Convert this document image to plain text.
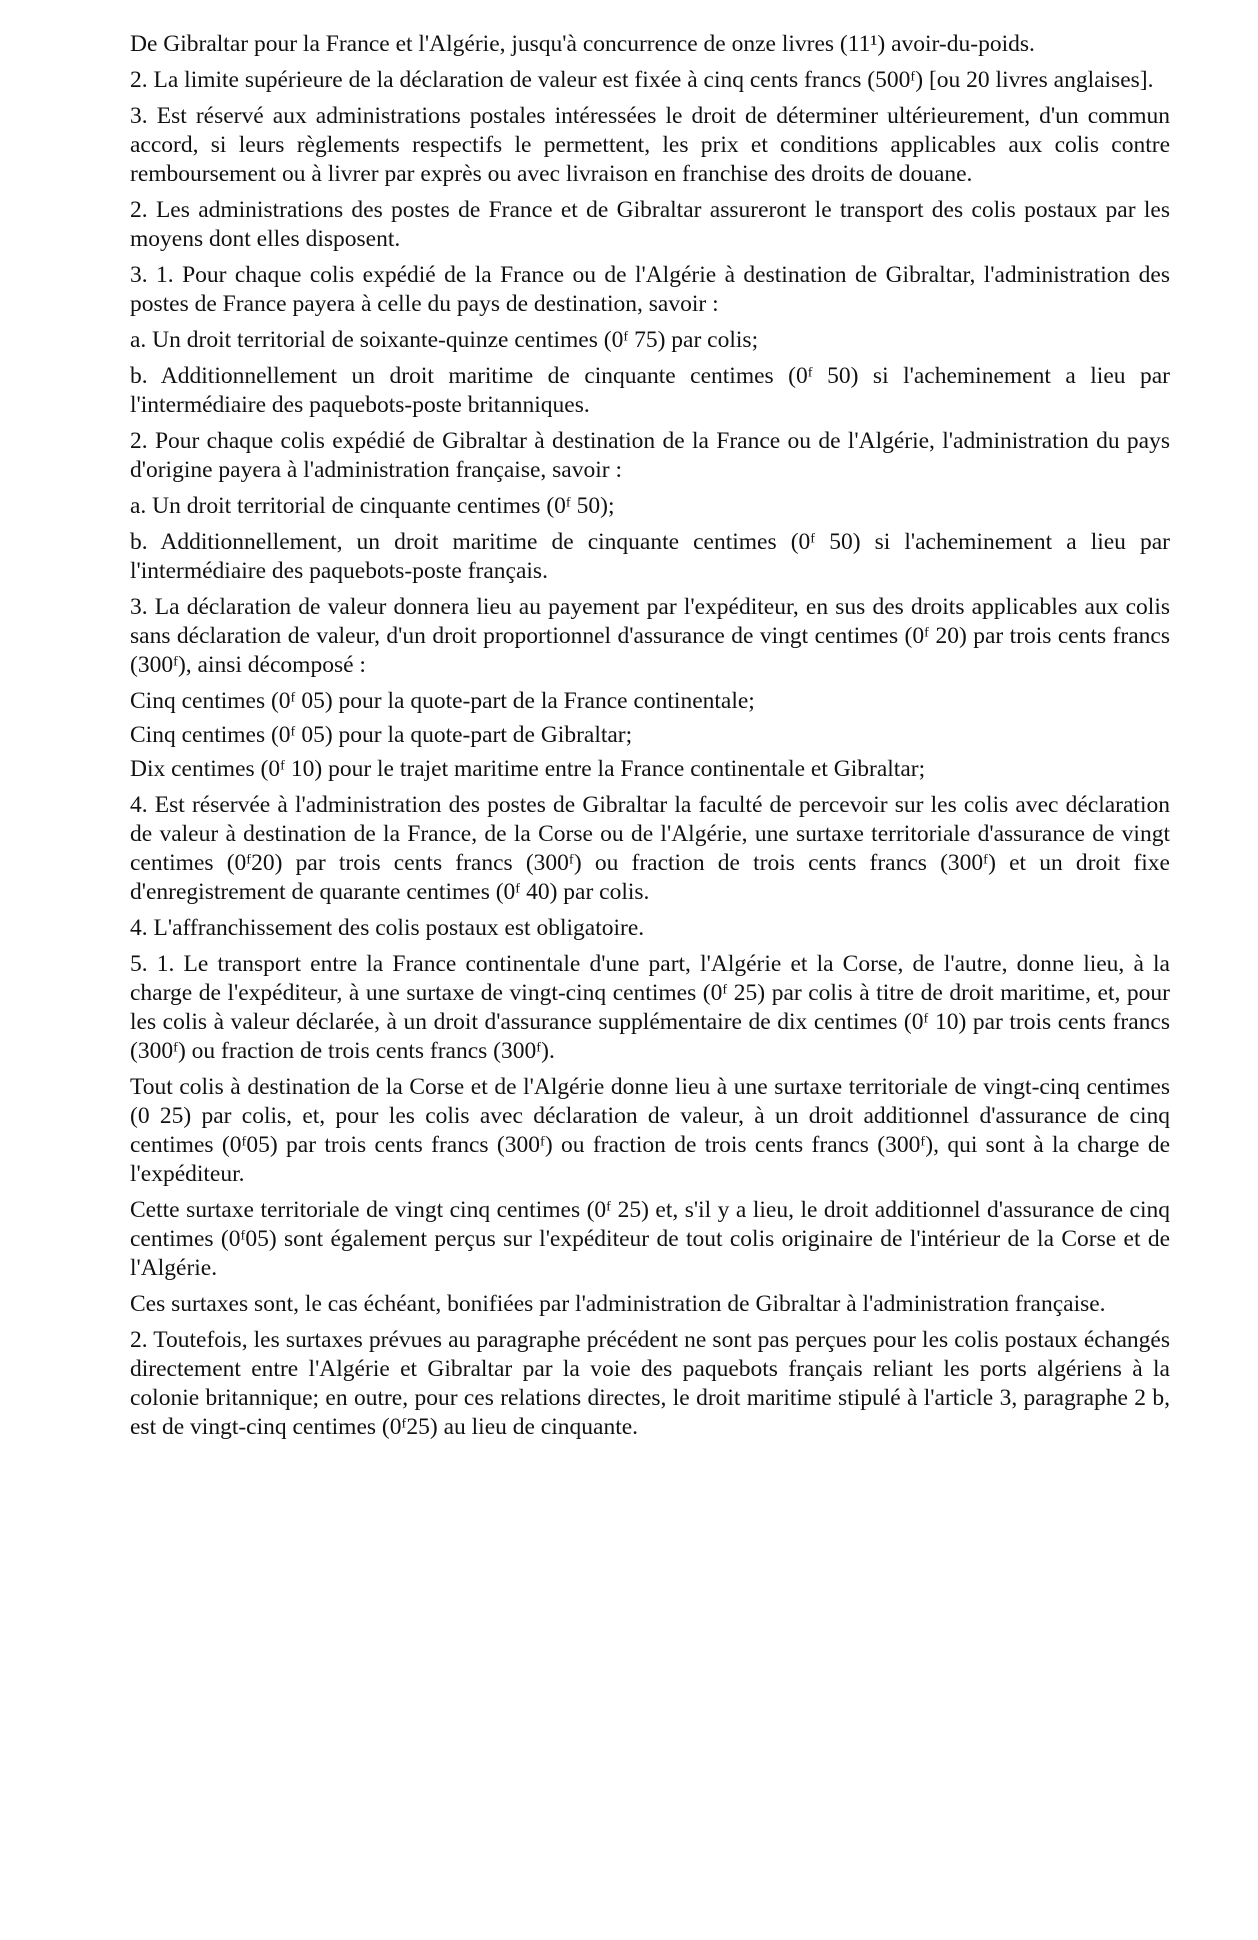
De Gibraltar pour la France et l'Algérie, jusqu'à concurrence de onze livres (11¹) avoir-du-poids.

2. La limite supérieure de la déclaration de valeur est fixée à cinq cents francs (500ᶠ) [ou 20 livres anglaises].

3. Est réservé aux administrations postales intéressées le droit de déterminer ultérieurement, d'un commun accord, si leurs règlements respectifs le permettent, les prix et conditions applicables aux colis contre remboursement ou à livrer par exprès ou avec livraison en franchise des droits de douane.

2. Les administrations des postes de France et de Gibraltar assureront le transport des colis postaux par les moyens dont elles disposent.

3. 1. Pour chaque colis expédié de la France ou de l'Algérie à destination de Gibraltar, l'administration des postes de France payera à celle du pays de destination, savoir :

a. Un droit territorial de soixante-quinze centimes (0ᶠ 75) par colis;

b. Additionnellement un droit maritime de cinquante centimes (0ᶠ 50) si l'acheminement a lieu par l'intermédiaire des paquebots-poste britanniques.

2. Pour chaque colis expédié de Gibraltar à destination de la France ou de l'Algérie, l'administration du pays d'origine payera à l'administration française, savoir :

a. Un droit territorial de cinquante centimes (0ᶠ 50);

b. Additionnellement, un droit maritime de cinquante centimes (0ᶠ 50) si l'acheminement a lieu par l'intermédiaire des paquebots-poste français.

3. La déclaration de valeur donnera lieu au payement par l'expéditeur, en sus des droits applicables aux colis sans déclaration de valeur, d'un droit proportionnel d'assurance de vingt centimes (0ᶠ 20) par trois cents francs (300ᶠ), ainsi décomposé :

Cinq centimes (0ᶠ 05) pour la quote-part de la France continentale;

Cinq centimes (0ᶠ 05) pour la quote-part de Gibraltar;

Dix centimes (0ᶠ 10) pour le trajet maritime entre la France continentale et Gibraltar;

4. Est réservée à l'administration des postes de Gibraltar la faculté de percevoir sur les colis avec déclaration de valeur à destination de la France, de la Corse ou de l'Algérie, une surtaxe territoriale d'assurance de vingt centimes (0ᶠ20) par trois cents francs (300ᶠ) ou fraction de trois cents francs (300ᶠ) et un droit fixe d'enregistrement de quarante centimes (0ᶠ 40) par colis.

4. L'affranchissement des colis postaux est obligatoire.

5. 1. Le transport entre la France continentale d'une part, l'Algérie et la Corse, de l'autre, donne lieu, à la charge de l'expéditeur, à une surtaxe de vingt-cinq centimes (0ᶠ 25) par colis à titre de droit maritime, et, pour les colis à valeur déclarée, à un droit d'assurance supplémentaire de dix centimes (0ᶠ 10) par trois cents francs (300ᶠ) ou fraction de trois cents francs (300ᶠ).

Tout colis à destination de la Corse et de l'Algérie donne lieu à une surtaxe territoriale de vingt-cinq centimes (0 25) par colis, et, pour les colis avec déclaration de valeur, à un droit additionnel d'assurance de cinq centimes (0ᶠ05) par trois cents francs (300ᶠ) ou fraction de trois cents francs (300ᶠ), qui sont à la charge de l'expéditeur.

Cette surtaxe territoriale de vingt cinq centimes (0ᶠ 25) et, s'il y a lieu, le droit additionnel d'assurance de cinq centimes (0ᶠ05) sont également perçus sur l'expéditeur de tout colis originaire de l'intérieur de la Corse et de l'Algérie.

Ces surtaxes sont, le cas échéant, bonifiées par l'administration de Gibraltar à l'administration française.

2. Toutefois, les surtaxes prévues au paragraphe précédent ne sont pas perçues pour les colis postaux échangés directement entre l'Algérie et Gibraltar par la voie des paquebots français reliant les ports algériens à la colonie britannique; en outre, pour ces relations directes, le droit maritime stipulé à l'article 3, paragraphe 2 b, est de vingt-cinq centimes (0ᶠ25) au lieu de cinquante.
